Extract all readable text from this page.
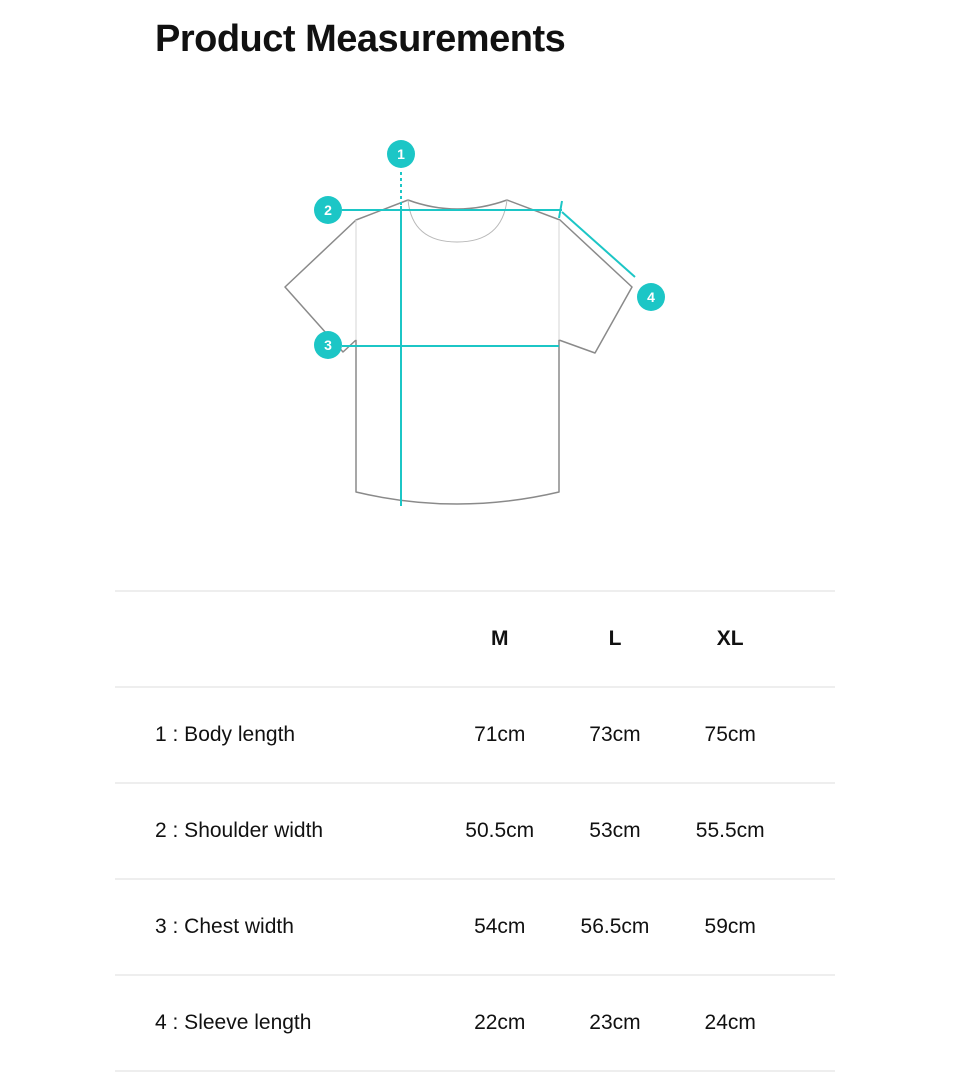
Product Measurements
1
2
3
4
	M	L	XL	
1 : Body length	71cm	73cm	75cm	
2 : Shoulder width	50.5cm	53cm	55.5cm	
3 : Chest width	54cm	56.5cm	59cm	
4 : Sleeve length	22cm	23cm	24cm	
